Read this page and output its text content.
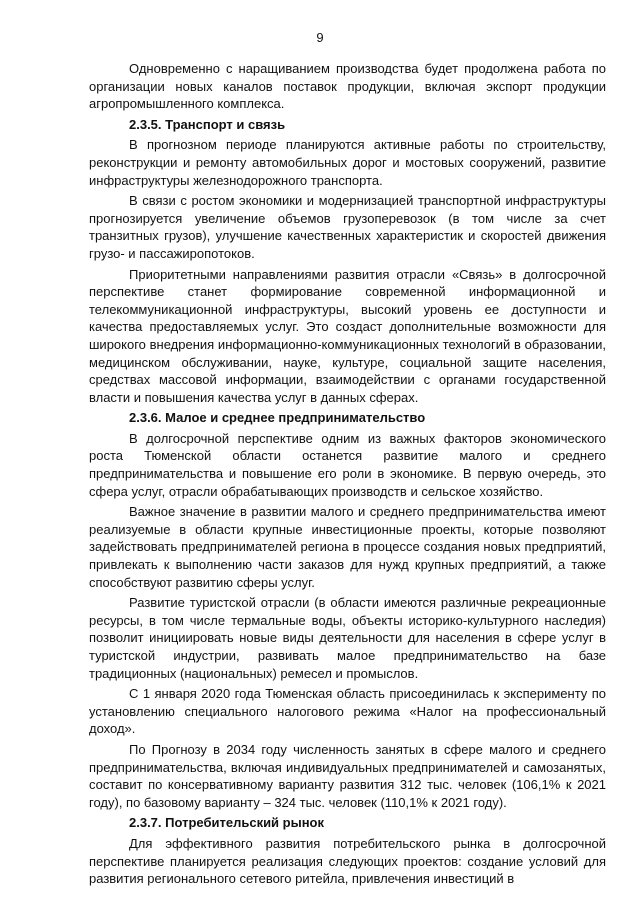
9

Одновременно с наращиванием производства будет продолжена работа по организации новых каналов поставок продукции, включая экспорт продукции агропромышленного комплекса.

2.3.5. Транспорт и связь

В прогнозном периоде планируются активные работы по строительству, реконструкции и ремонту автомобильных дорог и мостовых сооружений, развитие инфраструктуры железнодорожного транспорта.

В связи с ростом экономики и модернизацией транспортной инфраструктуры прогнозируется увеличение объемов грузоперевозок (в том числе за счет транзитных грузов), улучшение качественных характеристик и скоростей движения грузо- и пассажиропотоков.

Приоритетными направлениями развития отрасли «Связь» в долгосрочной перспективе станет формирование современной информационной и телекоммуникационной инфраструктуры, высокий уровень ее доступности и качества предоставляемых услуг. Это создаст дополнительные возможности для широкого внедрения информационно-коммуникационных технологий в образовании, медицинском обслуживании, науке, культуре, социальной защите населения, средствах массовой информации, взаимодействии с органами государственной власти и повышения качества услуг в данных сферах.

2.3.6. Малое и среднее предпринимательство

В долгосрочной перспективе одним из важных факторов экономического роста Тюменской области останется развитие малого и среднего предпринимательства и повышение его роли в экономике. В первую очередь, это сфера услуг, отрасли обрабатывающих производств и сельское хозяйство.

Важное значение в развитии малого и среднего предпринимательства имеют реализуемые в области крупные инвестиционные проекты, которые позволяют задействовать предпринимателей региона в процессе создания новых предприятий, привлекать к выполнению части заказов для нужд крупных предприятий, а также способствуют развитию сферы услуг.

Развитие туристской отрасли (в области имеются различные рекреационные ресурсы, в том числе термальные воды, объекты историко-культурного наследия) позволит инициировать новые виды деятельности для населения в сфере услуг в туристской индустрии, развивать малое предпринимательство на базе традиционных (национальных) ремесел и промыслов.

С 1 января 2020 года Тюменская область присоединилась к эксперименту по установлению специального налогового режима «Налог на профессиональный доход».

По Прогнозу в 2034 году численность занятых в сфере малого и среднего предпринимательства, включая индивидуальных предпринимателей и самозанятых, составит по консервативному варианту развития 312 тыс. человек (106,1% к 2021 году), по базовому варианту – 324 тыс. человек (110,1% к 2021 году).

2.3.7. Потребительский рынок

Для эффективного развития потребительского рынка в долгосрочной перспективе планируется реализация следующих проектов: создание условий для развития регионального сетевого ритейла, привлечения инвестиций в
